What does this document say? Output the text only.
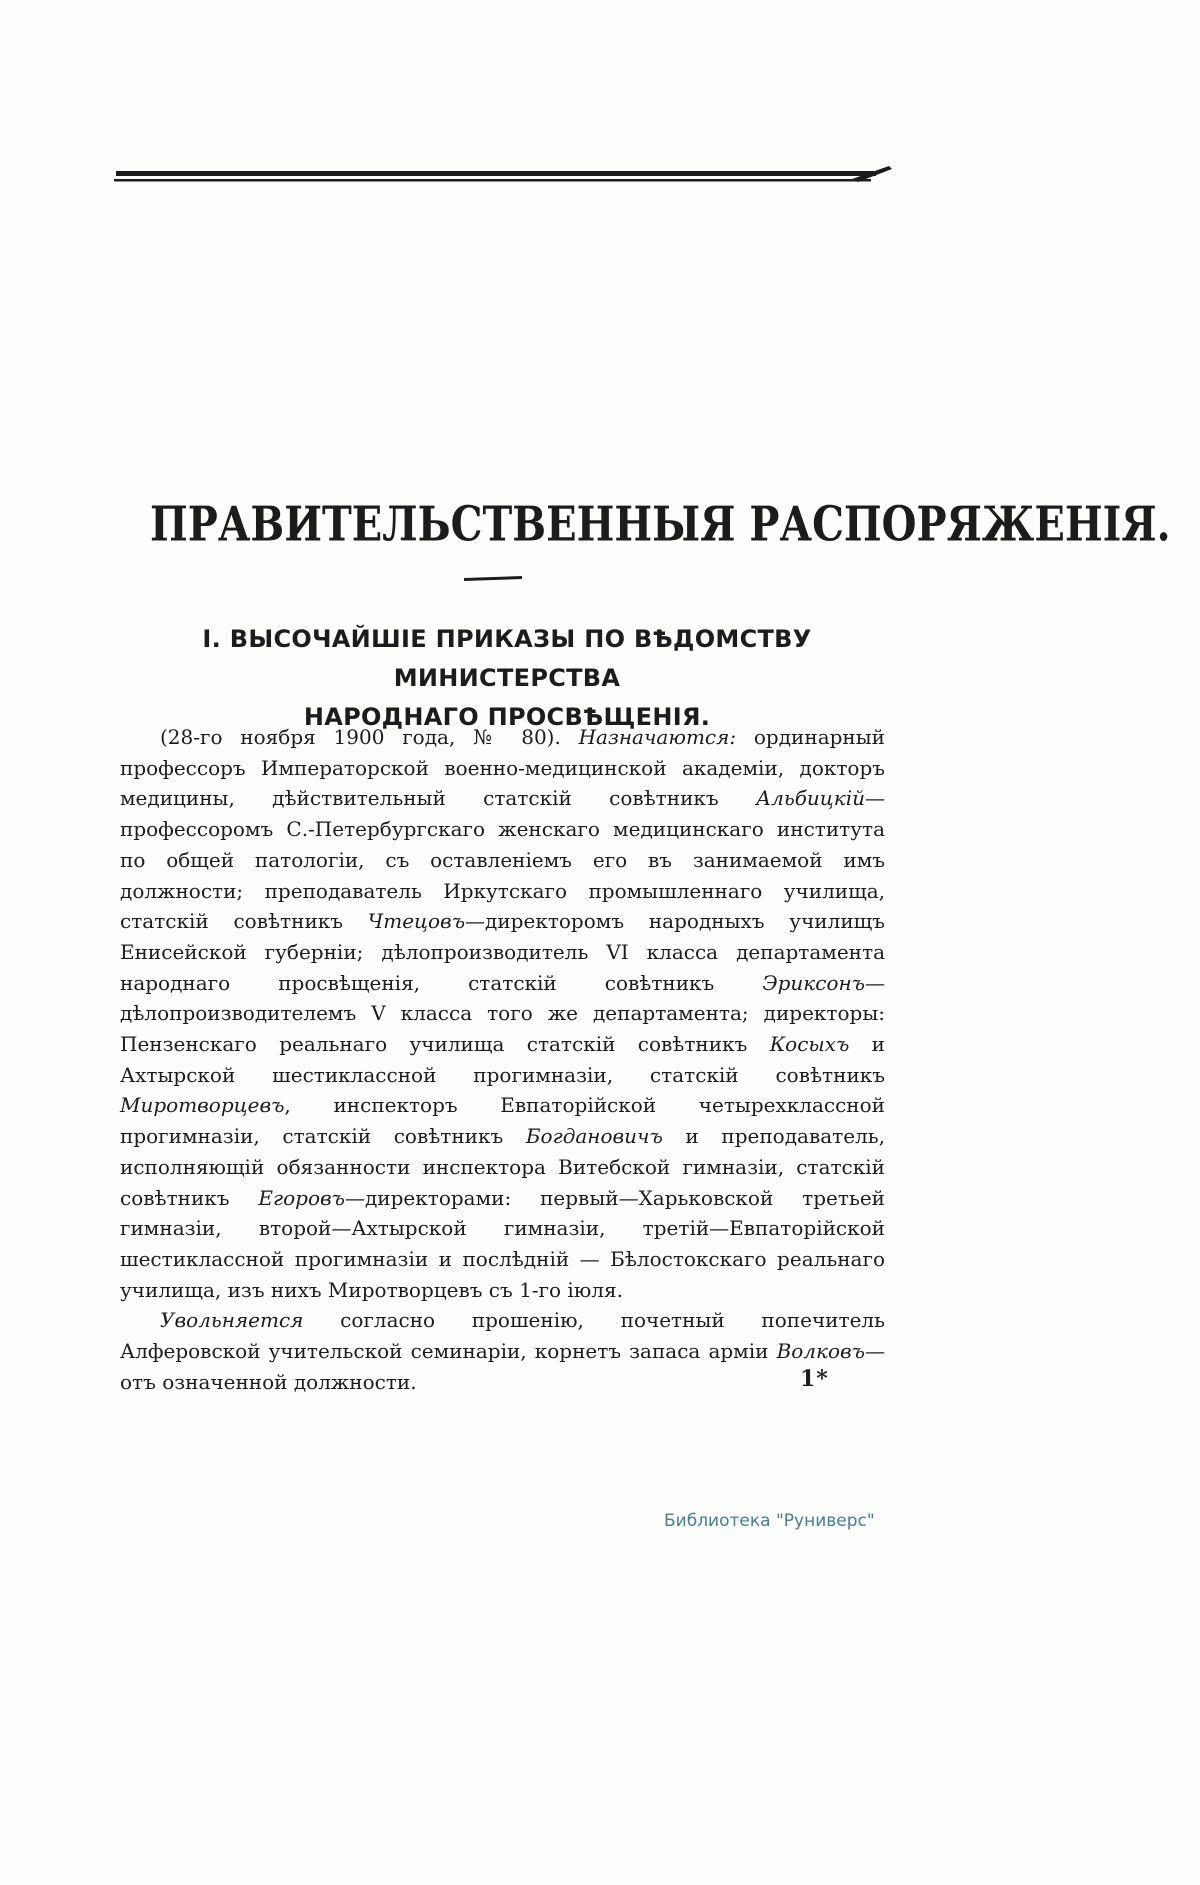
ПРАВИТЕЛЬСТВЕННЫЯ РАСПОРЯЖЕНІЯ.
І. ВЫСОЧАЙШІЕ ПРИКАЗЫ ПО ВѢДОМСТВУ МИНИСТЕРСТВА
НАРОДНАГО ПРОСВѢЩЕНІЯ.

(28-го ноября 1900 года, № 80). Назначаются: ординарный профессоръ Императорской военно-медицинской академіи, докторъ медицины, дѣйствительный статскій совѣтникъ Альбицкій—профессоромъ С.-Петербургскаго женскаго медицинскаго института по общей патологіи, съ оставленіемъ его въ занимаемой имъ должности; преподаватель Иркутскаго промышленнаго училища, статскій совѣтникъ Чтецовъ—директоромъ народныхъ училищъ Енисейской губерніи; дѣлопроизводитель VI класса департамента народнаго просвѣщенія, статскій совѣтникъ Эриксонъ—дѣлопроизводителемъ V класса того же департамента; директоры: Пензенскаго реальнаго училища статскій совѣтникъ Косыхъ и Ахтырской шестиклассной прогимназіи, статскій совѣтникъ Миротворцевъ, инспекторъ Евпаторійской четырехклассной прогимназіи, статскій совѣтникъ Богдановичъ и преподаватель, исполняющій обязанности инспектора Витебской гимназіи, статскій совѣтникъ Егоровъ—директорами: первый—Харьковской третьей гимназіи, второй—Ахтырской гимназіи, третій—Евпаторійской шестиклассной прогимназіи и послѣдній — Бѣлостокскаго реальнаго училища, изъ нихъ Миротворцевъ съ 1-го іюля.

Увольняется согласно прошенію, почетный попечитель Алферовской учительской семинаріи, корнетъ запаса арміи Волковъ—отъ означенной должности.	1*
Библиотека "Руниверс"
